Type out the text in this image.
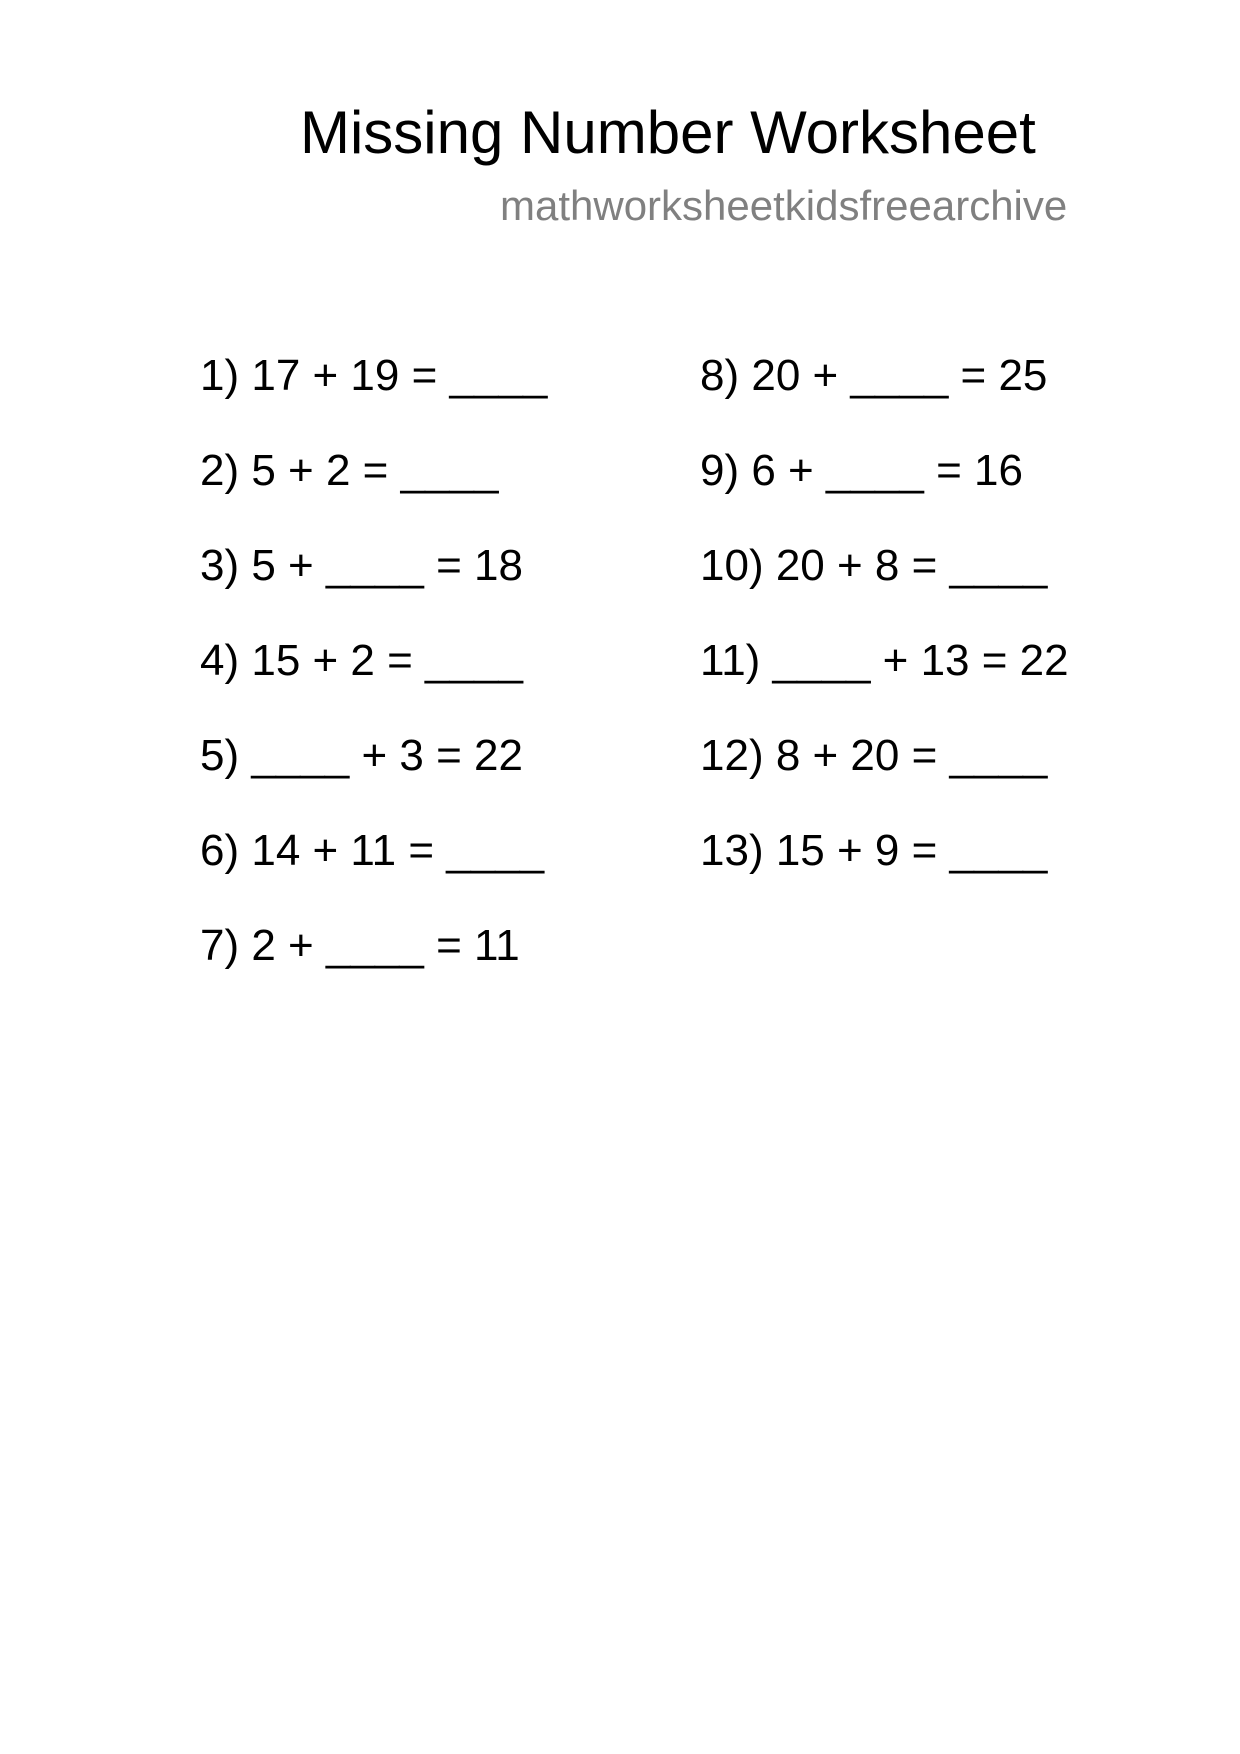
Missing Number Worksheet
mathworksheetkidsfreearchive
1) 17 + 19 = ____
2) 5 + 2 = ____
3) 5 + ____ = 18
4) 15 + 2 = ____
5) ____ + 3 = 22
6) 14 + 11 = ____
7) 2 + ____ = 11
8) 20 + ____ = 25
9) 6 + ____ = 16
10) 20 + 8 = ____
11) ____ + 13 = 22
12) 8 + 20 = ____
13) 15 + 9 = ____
